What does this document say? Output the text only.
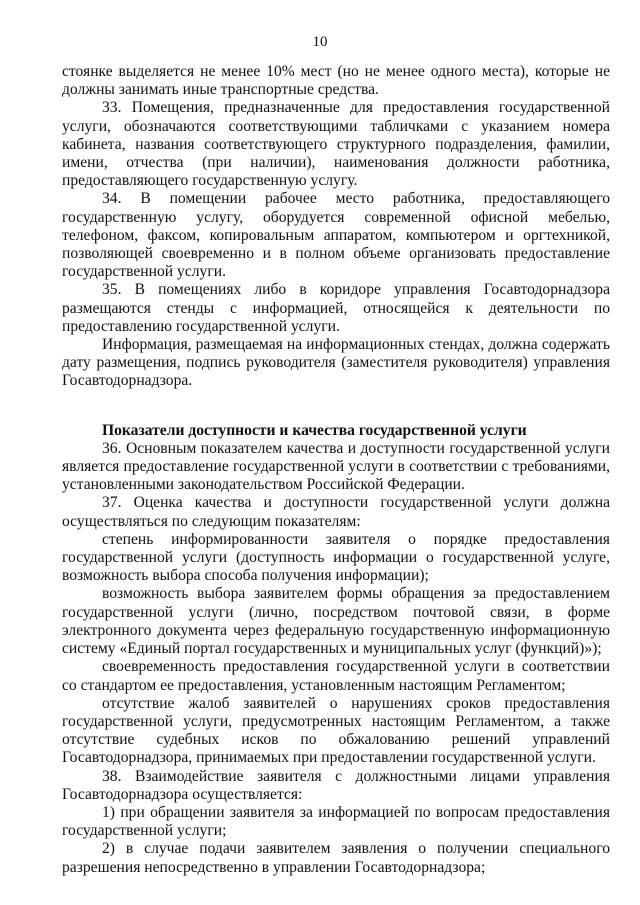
10

стоянке выделяется не менее 10% мест (но не менее одного места), которые не должны занимать иные транспортные средства.

33. Помещения, предназначенные для предоставления государственной услуги, обозначаются соответствующими табличками с указанием номера кабинета, названия соответствующего структурного подразделения, фамилии, имени, отчества (при наличии), наименования должности работника, предоставляющего государственную услугу.

34. В помещении рабочее место работника, предоставляющего государственную услугу, оборудуется современной офисной мебелью, телефоном, факсом, копировальным аппаратом, компьютером и оргтехникой, позволяющей своевременно и в полном объеме организовать предоставление государственной услуги.

35. В помещениях либо в коридоре управления Госавтодорнадзора размещаются стенды с информацией, относящейся к деятельности по предоставлению государственной услуги.

Информация, размещаемая на информационных стендах, должна содержать дату размещения, подпись руководителя (заместителя руководителя) управления Госавтодорнадзора.

Показатели доступности и качества государственной услуги

36. Основным показателем качества и доступности государственной услуги является предоставление государственной услуги в соответствии с требованиями, установленными законодательством Российской Федерации.

37. Оценка качества и доступности государственной услуги должна осуществляться по следующим показателям:

степень информированности заявителя о порядке предоставления государственной услуги (доступность информации о государственной услуге, возможность выбора способа получения информации);

возможность выбора заявителем формы обращения за предоставлением государственной услуги (лично, посредством почтовой связи, в форме электронного документа через федеральную государственную информационную систему «Единый портал государственных и муниципальных услуг (функций)»);

своевременность предоставления государственной услуги в соответствии со стандартом ее предоставления, установленным настоящим Регламентом;

отсутствие жалоб заявителей о нарушениях сроков предоставления государственной услуги, предусмотренных настоящим Регламентом, а также отсутствие судебных исков по обжалованию решений управлений Госавтодорнадзора, принимаемых при предоставлении государственной услуги.

38. Взаимодействие заявителя с должностными лицами управления Госавтодорнадзора осуществляется:

1) при обращении заявителя за информацией по вопросам предоставления государственной услуги;

2) в случае подачи заявителем заявления о получении специального разрешения непосредственно в управлении Госавтодорнадзора;
